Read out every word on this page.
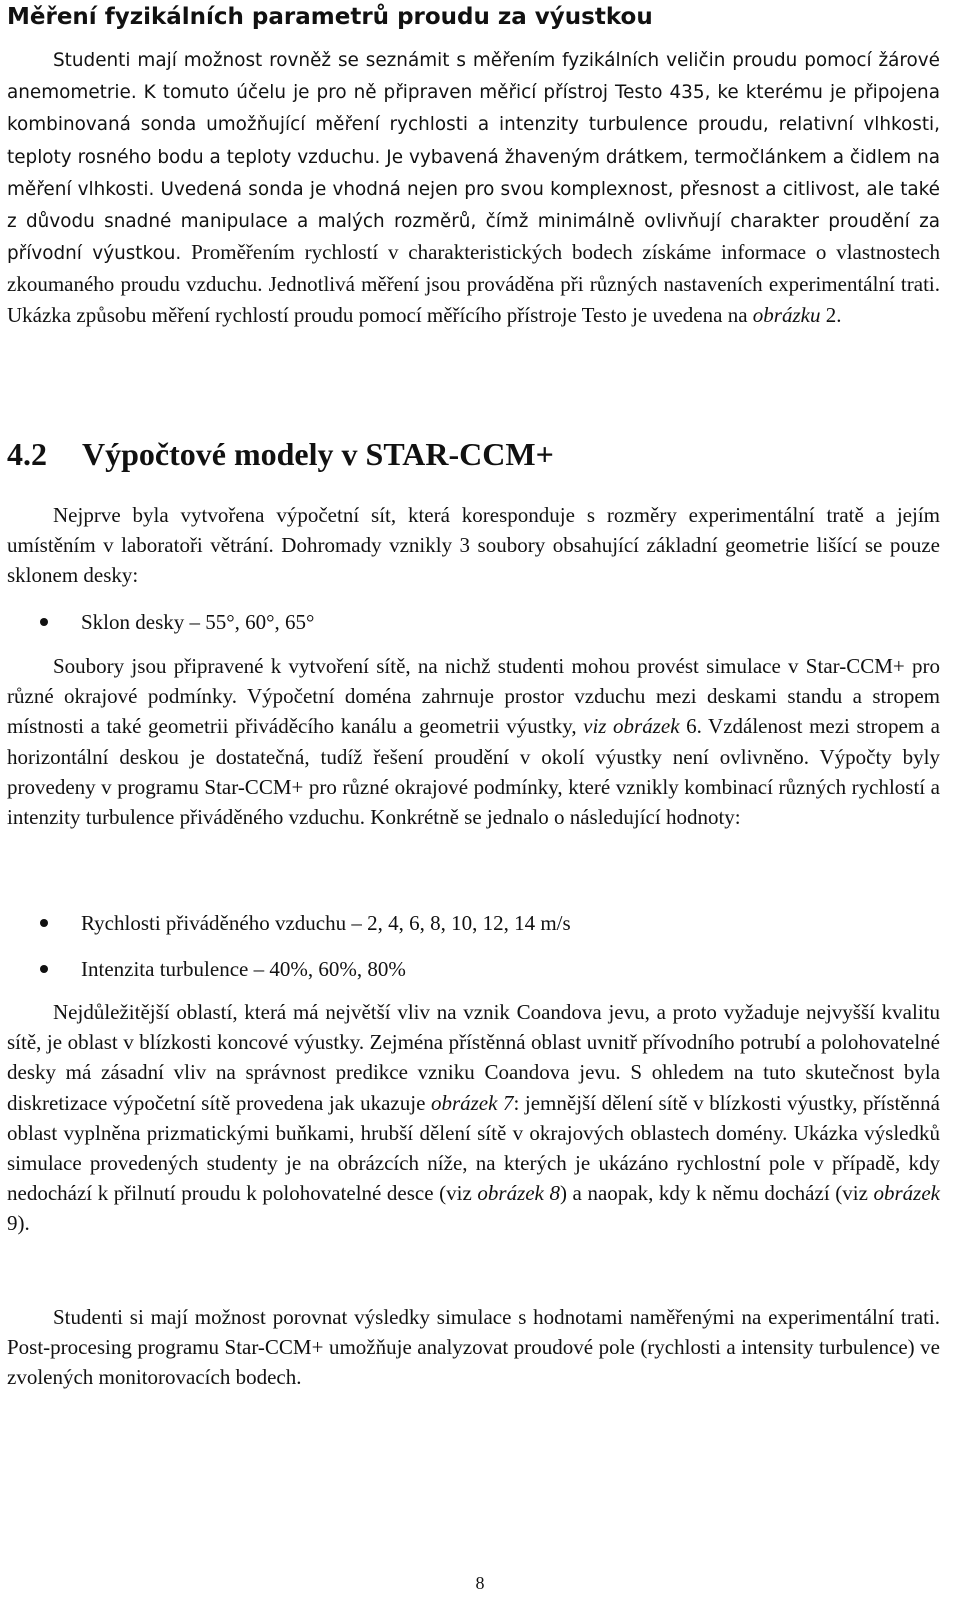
Měření fyzikálních parametrů proudu za výustkou

Studenti mají možnost rovněž se seznámit s měřením fyzikálních veličin proudu pomocí žárové anemometrie. K tomuto účelu je pro ně připraven měřicí přístroj Testo 435, ke kterému je připojena kombinovaná sonda umožňující měření rychlosti a intenzity turbulence proudu, relativní vlhkosti, teploty rosného bodu a teploty vzduchu. Je vybavená žhaveným drátkem, termočlánkem a čidlem na měření vlhkosti. Uvedená sonda je vhodná nejen pro svou komplexnost, přesnost a citlivost, ale také z důvodu snadné manipulace a malých rozměrů, čímž minimálně ovlivňují charakter proudění za přívodní výustkou. Proměřením rychlostí v charakteristických bodech získáme informace o vlastnostech zkoumaného proudu vzduchu. Jednotlivá měření jsou prováděna při různých nastaveních experimentální trati. Ukázka způsobu měření rychlostí proudu pomocí měřícího přístroje Testo je uvedena na obrázku 2.

4.2 Výpočtové modely v STAR-CCM+

Nejprve byla vytvořena výpočetní sít, která koresponduje s rozměry experimentální tratě a jejím umístěním v laboratoři větrání. Dohromady vznikly 3 soubory obsahující základní geometrie lišící se pouze sklonem desky:

Sklon desky – 55°, 60°, 65°

Soubory jsou připravené k vytvoření sítě, na nichž studenti mohou provést simulace v Star-CCM+ pro různé okrajové podmínky. Výpočetní doména zahrnuje prostor vzduchu mezi deskami standu a stropem místnosti a také geometrii přiváděcího kanálu a geometrii výustky, viz obrázek 6. Vzdálenost mezi stropem a horizontální deskou je dostatečná, tudíž řešení proudění v okolí výustky není ovlivněno. Výpočty byly provedeny v programu Star-CCM+ pro různé okrajové podmínky, které vznikly kombinací různých rychlostí a intenzity turbulence přiváděného vzduchu. Konkrétně se jednalo o následující hodnoty:

Rychlosti přiváděného vzduchu – 2, 4, 6, 8, 10, 12, 14 m/s
Intenzita turbulence – 40%, 60%, 80%

Nejdůležitější oblastí, která má největší vliv na vznik Coandova jevu, a proto vyžaduje nejvyšší kvalitu sítě, je oblast v blízkosti koncové výustky. Zejména přístěnná oblast uvnitř přívodního potrubí a polohovatelné desky má zásadní vliv na správnost predikce vzniku Coandova jevu. S ohledem na tuto skutečnost byla diskretizace výpočetní sítě provedena jak ukazuje obrázek 7: jemnější dělení sítě v blízkosti výustky, přístěnná oblast vyplněna prizmatickými buňkami, hrubší dělení sítě v okrajových oblastech domény. Ukázka výsledků simulace provedených studenty je na obrázcích níže, na kterých je ukázáno rychlostní pole v případě, kdy nedochází k přilnutí proudu k polohovatelné desce (viz obrázek 8) a naopak, kdy k němu dochází (viz obrázek 9).

Studenti si mají možnost porovnat výsledky simulace s hodnotami naměřenými na experimentální trati. Post-procesing programu Star-CCM+ umožňuje analyzovat proudové pole (rychlosti a intensity turbulence) ve zvolených monitorovacích bodech.

8
